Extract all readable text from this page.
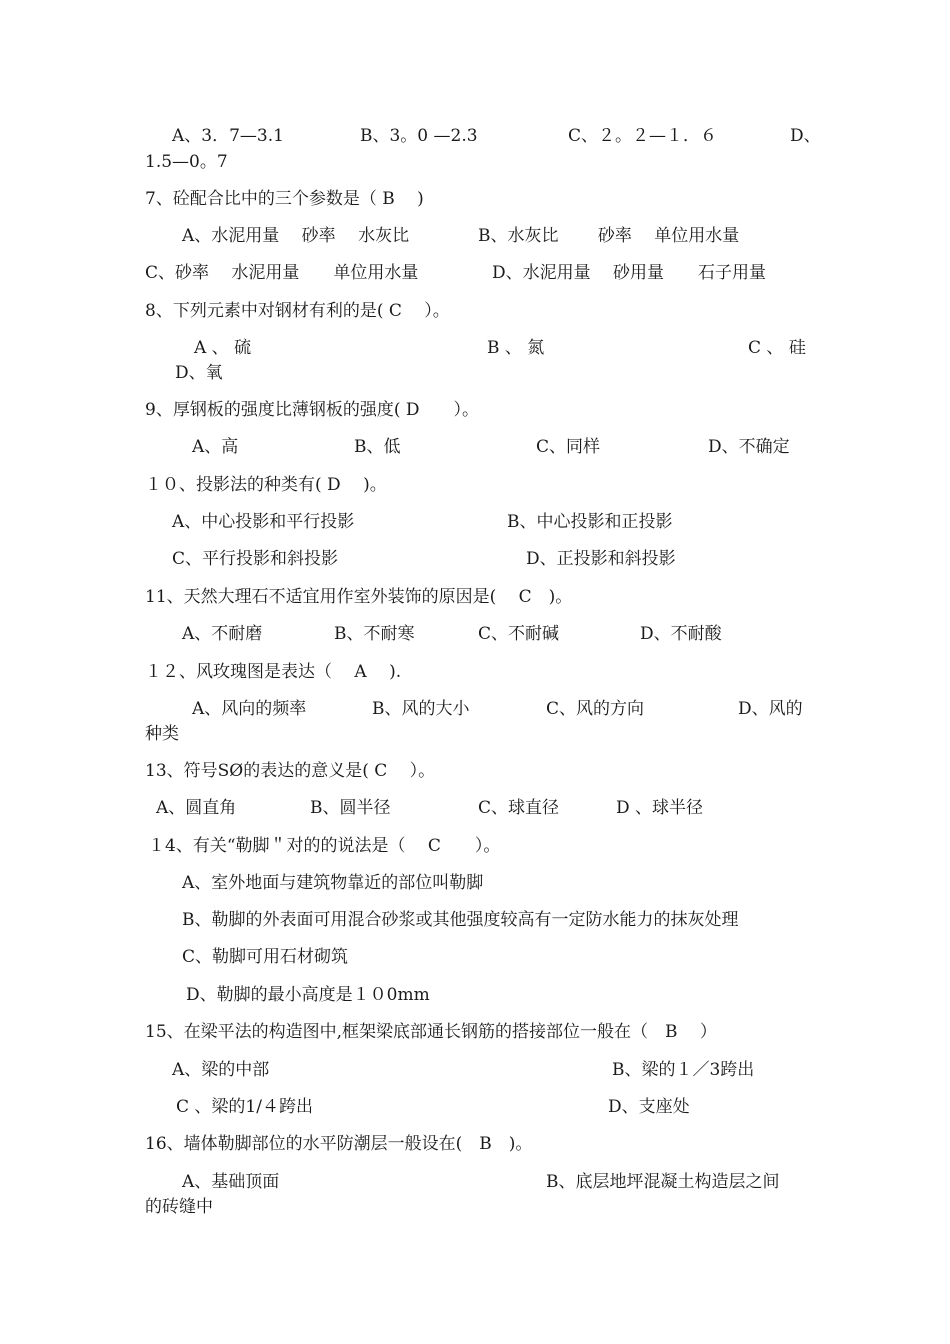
A、3．7—3.1	B、3。0 —2.3	C、２。２—１．６	D、
1.5—0。7
7、砼配合比中的三个参数是（ B　 )
A、水泥用量　 砂率　 水灰比	B、水灰比　　 砂率　 单位用水量
C、砂率　 水泥用量　　单位用水量	D、水泥用量　 砂用量　　石子用量
8、下列元素中对钢材有利的是( C　 ）。
A 、 硫	B 、 氮	C 、 硅
D、氧
9、厚钢板的强度比薄钢板的强度( D　　）。
A、高	B、低	C、同样	D、不确定
１０、投影法的种类有( D　 )。
A、中心投影和平行投影	B、中心投影和正投影
C、平行投影和斜投影	D、正投影和斜投影
11、天然大理石不适宜用作室外装饰的原因是(　 C　)。
A、不耐磨	B、不耐寒	C、不耐碱	D、不耐酸
１２、风玫瑰图是表达（　 A　 ).
A、风向的频率	B、风的大小	C、风的方向	D、风的
种类
13、符号SØ的表达的意义是( C　 ）。
A、圆直角	B、圆半径	C、球直径	D 、球半径
１4、有关“勒脚＂对的的说法是（　 C　　）。
A、室外地面与建筑物靠近的部位叫勒脚
B、勒脚的外表面可用混合砂浆或其他强度较高有一定防水能力的抹灰处理
C、勒脚可用石材砌筑
D、勒脚的最小高度是１０0mm
15、在梁平法的构造图中,框架梁底部通长钢筋的搭接部位一般在（　B　 ）
A、梁的中部	B、梁的１／3跨出
C 、梁的1/４跨出	D、支座处
16、墙体勒脚部位的水平防潮层一般设在(　B　)。
A、基础顶面	B、底层地坪混凝土构造层之间
的砖缝中
